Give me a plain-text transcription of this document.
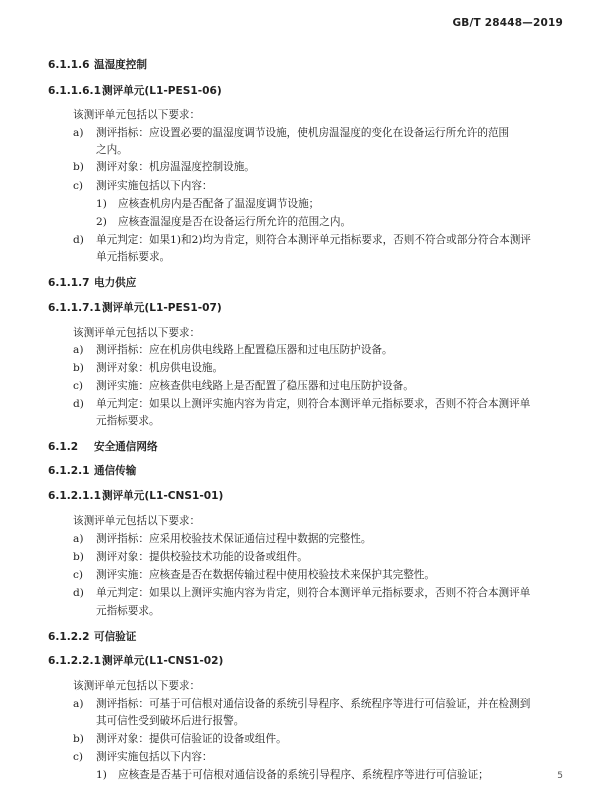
GB/T 28448—2019
6.1.1.6 温湿度控制
6.1.1.6.1测评单元(L1-PES1-06)
该测评单元包括以下要求：
a) 测评指标：应设置必要的温湿度调节设施，使机房温湿度的变化在设备运行所允许的范围
之内。
b) 测评对象：机房温湿度控制设施。
c) 测评实施包括以下内容：
1) 应核查机房内是否配备了温湿度调节设施；
2) 应核查温湿度是否在设备运行所允许的范围之内。
d) 单元判定：如果1)和2)均为肯定，则符合本测评单元指标要求，否则不符合或部分符合本测评
单元指标要求。
6.1.1.7 电力供应
6.1.1.7.1测评单元(L1-PES1-07)
该测评单元包括以下要求：
a) 测评指标：应在机房供电线路上配置稳压器和过电压防护设备。
b) 测评对象：机房供电设施。
c) 测评实施：应核查供电线路上是否配置了稳压器和过电压防护设备。
d) 单元判定：如果以上测评实施内容为肯定，则符合本测评单元指标要求，否则不符合本测评单
元指标要求。
6.1.2 安全通信网络
6.1.2.1 通信传输
6.1.2.1.1测评单元(L1-CNS1-01)
该测评单元包括以下要求：
a) 测评指标：应采用校验技术保证通信过程中数据的完整性。
b) 测评对象：提供校验技术功能的设备或组件。
c) 测评实施：应核查是否在数据传输过程中使用校验技术来保护其完整性。
d) 单元判定：如果以上测评实施内容为肯定，则符合本测评单元指标要求，否则不符合本测评单
元指标要求。
6.1.2.2 可信验证
6.1.2.2.1测评单元(L1-CNS1-02)
该测评单元包括以下要求：
a) 测评指标：可基于可信根对通信设备的系统引导程序、系统程序等进行可信验证，并在检测到
其可信性受到破坏后进行报警。
b) 测评对象：提供可信验证的设备或组件。
c) 测评实施包括以下内容：
1) 应核查是否基于可信根对通信设备的系统引导程序、系统程序等进行可信验证；	5
